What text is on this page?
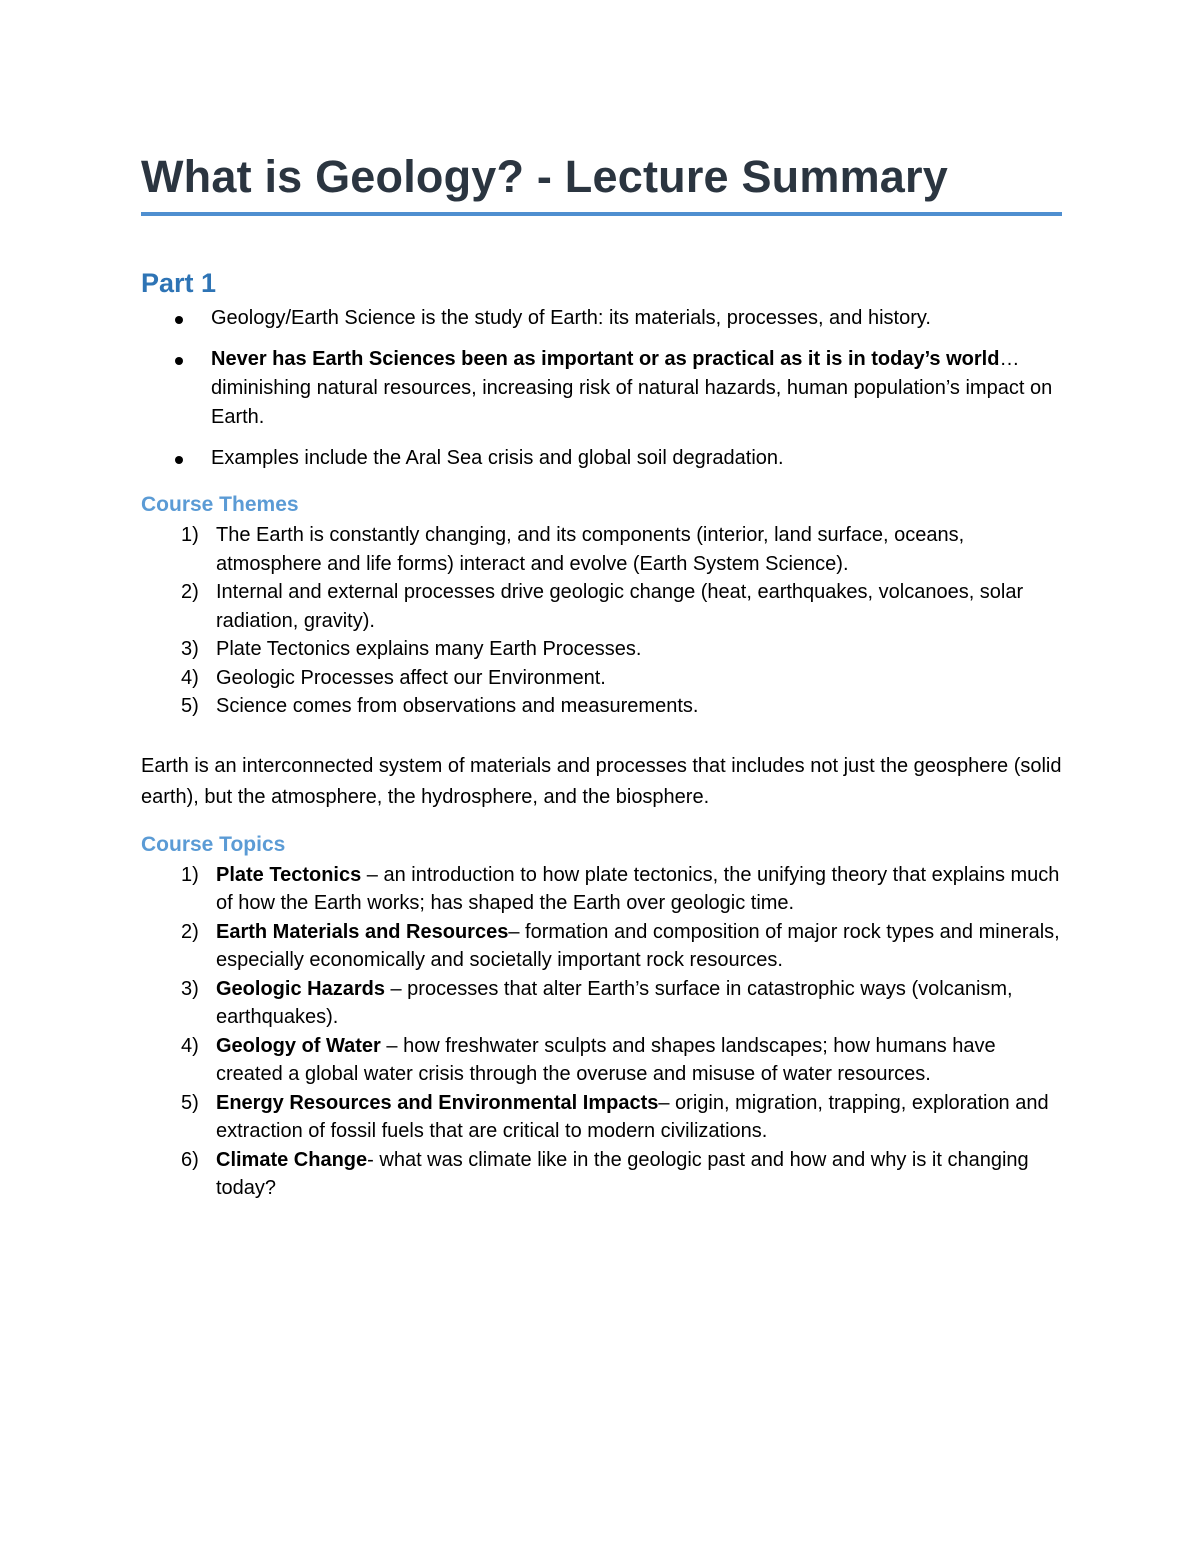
What is Geology? - Lecture Summary
Part 1
Geology/Earth Science is the study of Earth: its materials, processes, and history.
Never has Earth Sciences been as important or as practical as it is in today’s world…diminishing natural resources, increasing risk of natural hazards, human population’s impact on Earth.
Examples include the Aral Sea crisis and global soil degradation.
Course Themes
1) The Earth is constantly changing, and its components (interior, land surface, oceans, atmosphere and life forms) interact and evolve (Earth System Science).
2) Internal and external processes drive geologic change (heat, earthquakes, volcanoes, solar radiation, gravity).
3) Plate Tectonics explains many Earth Processes.
4) Geologic Processes affect our Environment.
5) Science comes from observations and measurements.

Earth is an interconnected system of materials and processes that includes not just the geosphere (solid earth), but the atmosphere, the hydrosphere, and the biosphere.

Course Topics
1) Plate Tectonics – an introduction to how plate tectonics, the unifying theory that explains much of how the Earth works; has shaped the Earth over geologic time.
2) Earth Materials and Resources– formation and composition of major rock types and minerals, especially economically and societally important rock resources.
3) Geologic Hazards – processes that alter Earth’s surface in catastrophic ways (volcanism, earthquakes).
4) Geology of Water – how freshwater sculpts and shapes landscapes; how humans have created a global water crisis through the overuse and misuse of water resources.
5) Energy Resources and Environmental Impacts– origin, migration, trapping, exploration and extraction of fossil fuels that are critical to modern civilizations.
6) Climate Change- what was climate like in the geologic past and how and why is it changing today?
